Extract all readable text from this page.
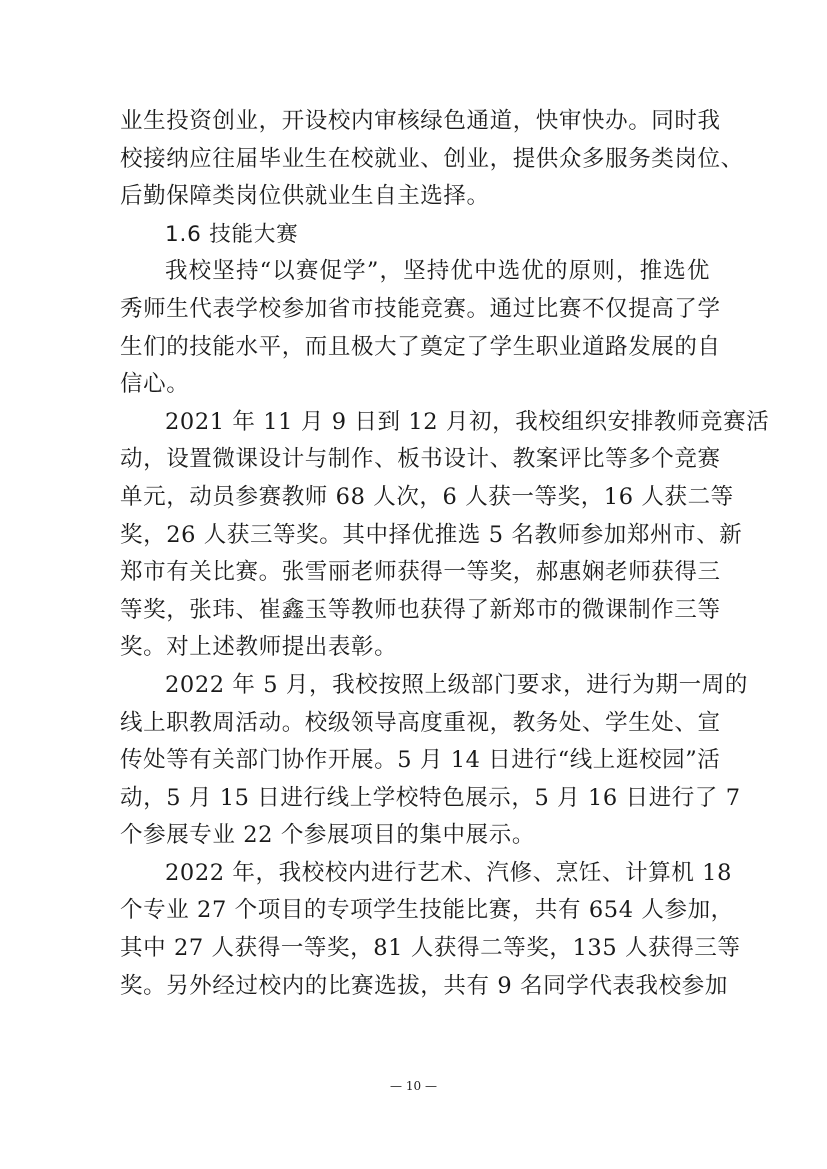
业生投资创业，开设校内审核绿色通道，快审快办。同时我
校接纳应往届毕业生在校就业、创业，提供众多服务类岗位、
后勤保障类岗位供就业生自主选择。
1.6 技能大赛
我校坚持“以赛促学”，坚持优中选优的原则，推选优
秀师生代表学校参加省市技能竞赛。通过比赛不仅提高了学
生们的技能水平，而且极大了奠定了学生职业道路发展的自
信心。
2021 年 11 月 9 日到 12 月初，我校组织安排教师竞赛活
动，设置微课设计与制作、板书设计、教案评比等多个竞赛
单元，动员参赛教师 68 人次，6 人获一等奖，16 人获二等
奖，26 人获三等奖。其中择优推选 5 名教师参加郑州市、新
郑市有关比赛。张雪丽老师获得一等奖，郝惠娴老师获得三
等奖，张玮、崔鑫玉等教师也获得了新郑市的微课制作三等
奖。对上述教师提出表彰。
2022 年 5 月，我校按照上级部门要求，进行为期一周的
线上职教周活动。校级领导高度重视，教务处、学生处、宣
传处等有关部门协作开展。5 月 14 日进行“线上逛校园”活
动，5 月 15 日进行线上学校特色展示，5 月 16 日进行了 7
个参展专业 22 个参展项目的集中展示。
2022 年，我校校内进行艺术、汽修、烹饪、计算机 18
个专业 27 个项目的专项学生技能比赛，共有 654 人参加，
其中 27 人获得一等奖，81 人获得二等奖，135 人获得三等
奖。另外经过校内的比赛选拔，共有 9 名同学代表我校参加
— 10 —
